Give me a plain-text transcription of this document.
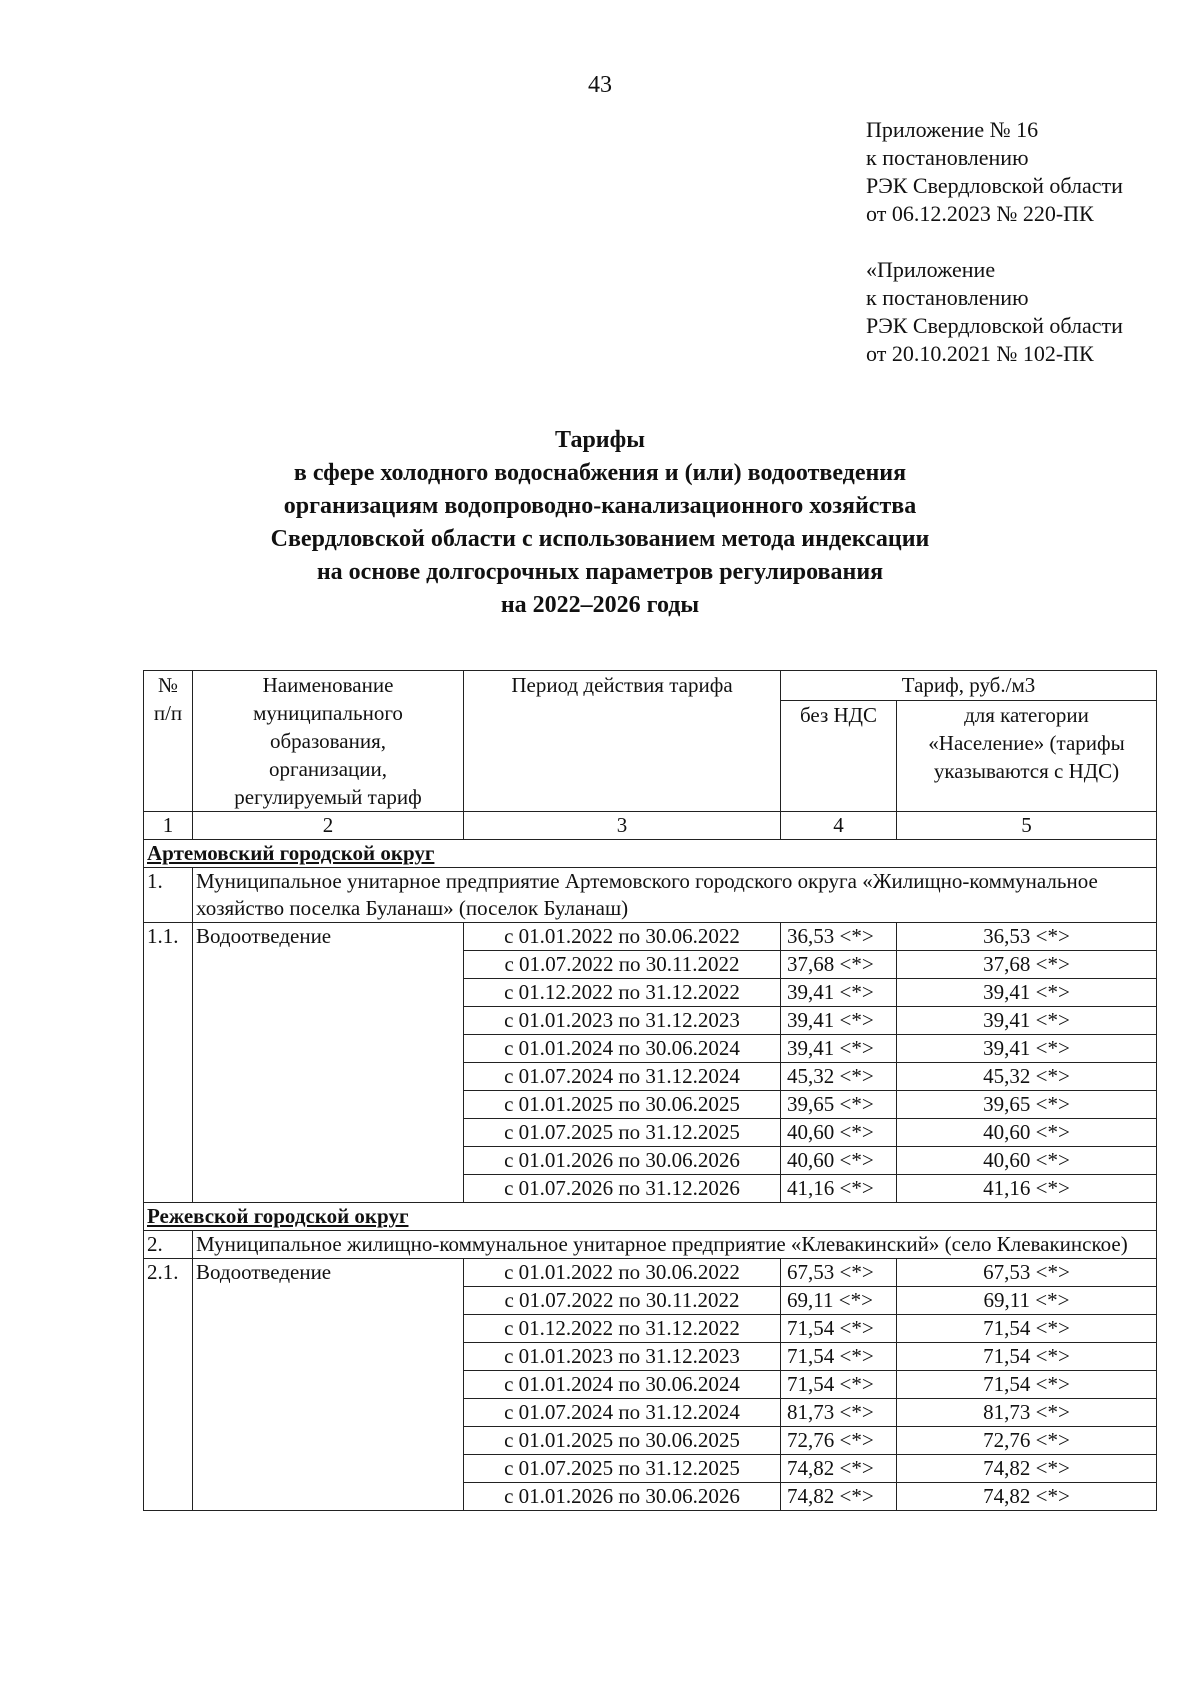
43
Приложение № 16
к постановлению
РЭК Свердловской области
от 06.12.2023 № 220-ПК
«Приложение
к постановлению
РЭК Свердловской области
от 20.10.2021 № 102-ПК
Тарифы
в сфере холодного водоснабжения и (или) водоотведения
организациям водопроводно-канализационного хозяйства
Свердловской области с использованием метода индексации
на основе долгосрочных параметров регулирования
на 2022–2026 годы
№ п/п	Наименование муниципального образования, организации, регулируемый тариф	Период действия тарифа	Тариф, руб./м3	
			без НДС	для категории «Население» (тарифы указываются с НДС)
1	2	3	4	5
Артемовский городской округ				
1.	Муниципальное унитарное предприятие Артемовского городского округа «Жилищно-коммунальное хозяйство поселка Буланаш» (поселок Буланаш)			
1.1.	Водоотведение	с 01.01.2022 по 30.06.2022	36,53 <*>	36,53 <*>
		с 01.07.2022 по 30.11.2022	37,68 <*>	37,68 <*>
		с 01.12.2022 по 31.12.2022	39,41 <*>	39,41 <*>
		с 01.01.2023 по 31.12.2023	39,41 <*>	39,41 <*>
		с 01.01.2024 по 30.06.2024	39,41 <*>	39,41 <*>
		с 01.07.2024 по 31.12.2024	45,32 <*>	45,32 <*>
		с 01.01.2025 по 30.06.2025	39,65 <*>	39,65 <*>
		с 01.07.2025 по 31.12.2025	40,60 <*>	40,60 <*>
		с 01.01.2026 по 30.06.2026	40,60 <*>	40,60 <*>
		с 01.07.2026 по 31.12.2026	41,16 <*>	41,16 <*>
Режевской городской округ				
2.	Муниципальное жилищно-коммунальное унитарное предприятие «Клевакинский» (село Клевакинское)			
2.1.	Водоотведение	с 01.01.2022 по 30.06.2022	67,53 <*>	67,53 <*>
		с 01.07.2022 по 30.11.2022	69,11 <*>	69,11 <*>
		с 01.12.2022 по 31.12.2022	71,54 <*>	71,54 <*>
		с 01.01.2023 по 31.12.2023	71,54 <*>	71,54 <*>
		с 01.01.2024 по 30.06.2024	71,54 <*>	71,54 <*>
		с 01.07.2024 по 31.12.2024	81,73 <*>	81,73 <*>
		с 01.01.2025 по 30.06.2025	72,76 <*>	72,76 <*>
		с 01.07.2025 по 31.12.2025	74,82 <*>	74,82 <*>
		с 01.01.2026 по 30.06.2026	74,82 <*>	74,82 <*>
